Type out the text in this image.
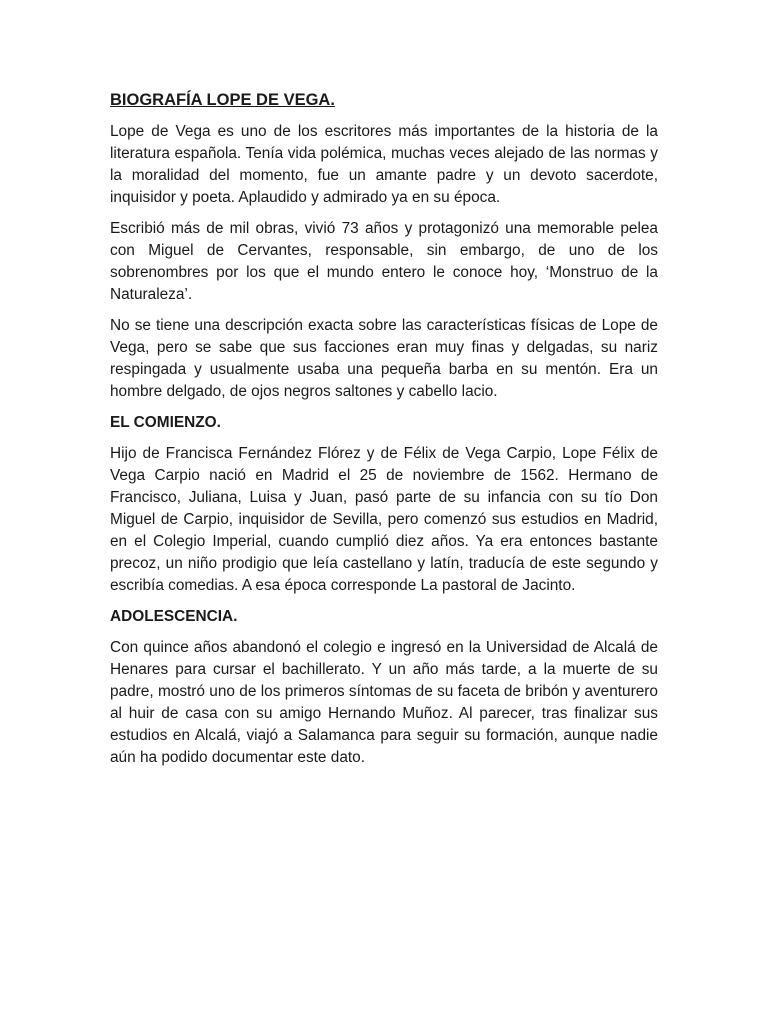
BIOGRAFÍA LOPE DE VEGA.

Lope de Vega es uno de los escritores más importantes de la historia de la literatura española. Tenía vida polémica, muchas veces alejado de las normas y la moralidad del momento, fue un amante padre y un devoto sacerdote, inquisidor y poeta. Aplaudido y admirado ya en su época.

Escribió más de mil obras, vivió 73 años y protagonizó una memorable pelea con Miguel de Cervantes, responsable, sin embargo, de uno de los sobrenombres por los que el mundo entero le conoce hoy, ‘Monstruo de la Naturaleza’.

No se tiene una descripción exacta sobre las características físicas de Lope de Vega, pero se sabe que sus facciones eran muy finas y delgadas, su nariz respingada y usualmente usaba una pequeña barba en su mentón. Era un hombre delgado, de ojos negros saltones y cabello lacio.

EL COMIENZO.

Hijo de Francisca Fernández Flórez y de Félix de Vega Carpio, Lope Félix de Vega Carpio nació en Madrid el 25 de noviembre de 1562. Hermano de Francisco, Juliana, Luisa y Juan, pasó parte de su infancia con su tío Don Miguel de Carpio, inquisidor de Sevilla, pero comenzó sus estudios en Madrid, en el Colegio Imperial, cuando cumplió diez años. Ya era entonces bastante precoz, un niño prodigio que leía castellano y latín, traducía de este segundo y escribía comedias. A esa época corresponde La pastoral de Jacinto.

ADOLESCENCIA.

Con quince años abandonó el colegio e ingresó en la Universidad de Alcalá de Henares para cursar el bachillerato. Y un año más tarde, a la muerte de su padre, mostró uno de los primeros síntomas de su faceta de bribón y aventurero al huir de casa con su amigo Hernando Muñoz. Al parecer, tras finalizar sus estudios en Alcalá, viajó a Salamanca para seguir su formación, aunque nadie aún ha podido documentar este dato.
